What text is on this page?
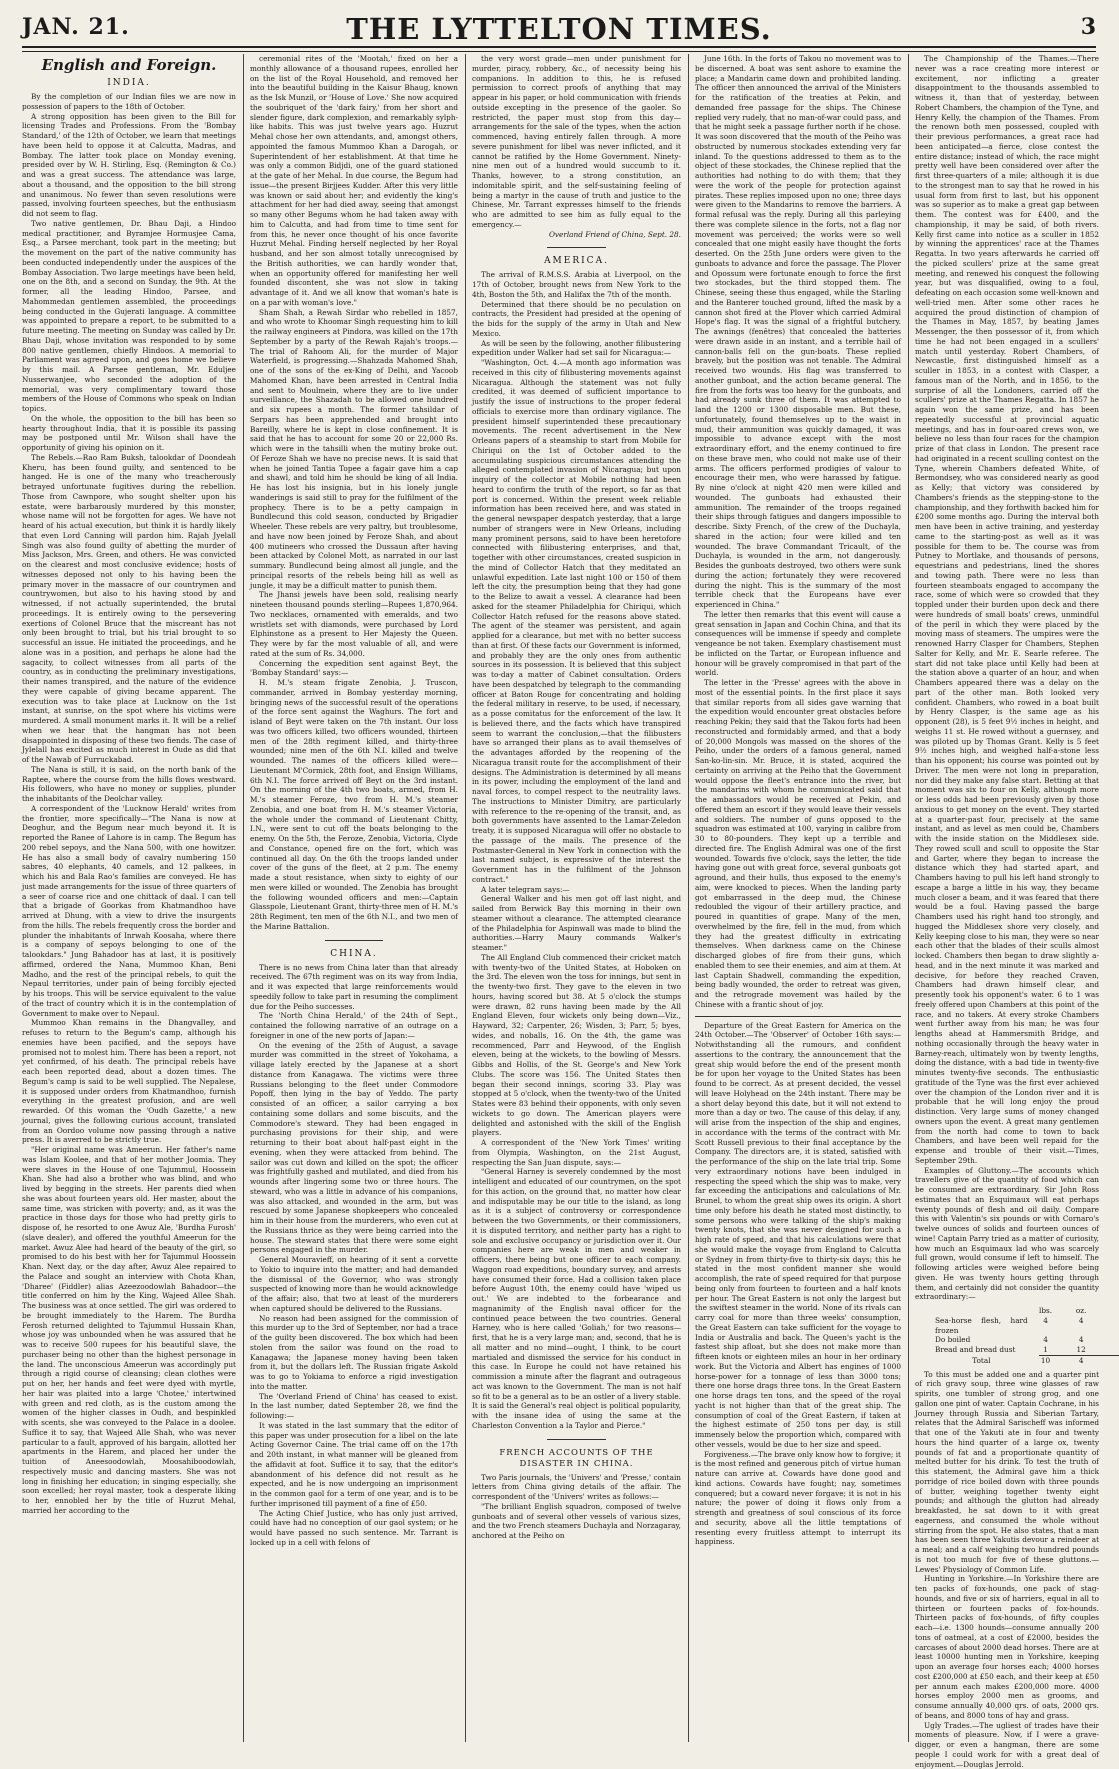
JAN. 21.	THE LYTTELTON TIMES.	3
English and Foreign.
INDIA.

By the completion of our Indian files we are now in possession of papers to the 18th of October.

A strong opposition has been given to the Bill for licensing Trades and Professions. From the 'Bombay Standard,' of the 12th of October, we learn that meetings have been held to oppose it at Calcutta, Madras, and Bombay. The latter took place on Monday evening, presided over by W. H. Stirling, Esq. (Remington & Co.) and was a great success. The attendance was large, about a thousand, and the opposition to the bill strong and unanimous. No fewer than seven resolutions were passed, involving fourteen speeches, but the enthusiasm did not seem to flag.

Two native gentlemen, Dr. Bhau Daji, a Hindoo medical practitioner, and Byramjee Hormusjee Cama, Esq., a Parsee merchant, took part in the meeting; but the movement on the part of the native community has been conducted independently under the auspices of the Bombay Association. Two large meetings have been held, one on the 8th, and a second on Sunday, the 9th. At the former, all the leading Hindoo, Parsee, and Mahommedan gentlemen assembled, the proceedings being conducted in the Gujerati language. A committee was appointed to prepare a report, to be submitted to a future meeting. The meeting on Sunday was called by Dr. Bhau Daji, whose invitation was responded to by some 800 native gentlemen, chiefly Hindoos. A memorial to Parliament was agreed upon, and goes home we believe by this mail. A Parsee gentleman, Mr. Eduljee Nusserwanjee, who seconded the adoption of the memorial, was very complimentary toward those members of the House of Commons who speak on Indian topics.

On the whole, the opposition to the bill has been so hearty throughout India, that it is possible its passing may be postponed until Mr. Wilson shall have the opportunity of giving his opinion on it.

The Rebels.—Rao Ram Buksh, talookdar of Doondeah Kheru, has been found guilty, and sentenced to be hanged. He is one of the many who treacherously betrayed unfortunate fugitives during the rebellion. Those from Cawnpore, who sought shelter upon his estate, were barbarously murdered by this monster, whose name will not be forgotten for ages. We have not heard of his actual execution, but think it is hardly likely that even Lord Canning will pardon him. Rajah Jyelall Singh was also found guilty of abetting the murder of Miss Jackson, Mrs. Green, and others. He was convicted on the clearest and most conclusive evidence; hosts of witnesses deposed not only to his having been the primary mover in the massacre of our countrymen and countrywomen, but also to his having stood by and witnessed, if not actually superintended, the brutal proceedings. It is entirely owing to the persevering exertions of Colonel Bruce that the miscreant has not only been brought to trial, but his trial brought to so successful an issue. He initiated the proceedings, and he alone was in a position, and perhaps he alone had the sagacity, to collect witnesses from all parts of the country, as in conducting the preliminary investigations, their names transpired, and the nature of the evidence they were capable of giving became apparent. The execution was to take place at Lucknow on the 1st instant, at sunrise, on the spot where his victims were murdered. A small monument marks it. It will be a relief when we hear that the hangman has not been disappointed in disposing of these two fiends. The case of Jylelall has excited as much interest in Oude as did that of the Nawab of Furruckabad.

The Nana is still, it is said, on the north bank of the Raptee, where the course from the hills flows westward. His followers, who have no money or supplies, plunder the inhabitants of the Deolchar valley.

A correspondent of the 'Lucknow Herald' writes from the frontier, more specifically—"The Nana is now at Deoghur, and the Begum near much beyond it. It is reported the Ranee of Lahore is in camp. The Begum has 200 rebel sepoys, and the Nana 500, with one howitzer. He has also a small body of cavalry numbering 150 sabres, 40 elephants, 40 camels, and 12 palkees, in which his and Bala Rao's families are conveyed. He has just made arrangements for the issue of three quarters of a seer of coarse rice and one chittack of daal. I can tell that a brigade of Goorkas from Khatmandhoo have arrived at Dhung, with a view to drive the insurgents from the hills. The rebels frequently cross the border and plunder the inhabitants of Inrwah Koosaha, where there is a company of sepoys belonging to one of the talookdars." Jung Bahadoor has at last, it is positively affirmed, ordered the Nana, Mummoo Khan, Beni Madho, and the rest of the principal rebels, to quit the Nepaul territories, under pain of being forcibly ejected by his troops. This will be service equivalent to the value of the tract of country which it is in the contemplation of Government to make over to Nepaul.

Mummoo Khan remains in the Dhangvalley, and refuses to return to the Begum's camp, although his enemies have been pacified, and the sepoys have promised not to molest him. There has been a report, not yet confirmed, of his death. The principal rebels have each been reported dead, about a dozen times. The Begum's camp is said to be well supplied. The Nepalese, it is supposed under orders from Khatmandhoo, furnish everything in the greatest profusion, and are well rewarded. Of this woman the 'Oudh Gazette,' a new journal, gives the following curious account, translated from an Oordoo volume now passing through a native press. It is averred to be strictly true.

"Her original name was Ameerun. Her father's name was Islam Koolee, and that of her mother Joomia. They were slaves in the House of one Tajummul, Hoossein Khan. She had also a brother who was blind, and who lived by begging in the streets. Her parents died when she was about fourteen years old. Her master, about the same time, was stricken with poverty; and, as it was the practice in those days for those who had pretty girls to dispose of, he resorted to one Awuz Ale, 'Burdha Furosh' (slave dealer), and offered the youthful Ameerun for the market. Awuz Alee had heard of the beauty of the girl, so promised to do his best with her for Tajummul Hoossein Khan. Next day, or the day after, Awuz Alee repaired to the Palace and sought an interview with Chota Khan, 'Dharee' (Fiddler) alias Azeezoodowlah Bahadoor—the title conferred on him by the King, Wajeed Allee Shah. The business was at once settled. The girl was ordered to be brought immediately to the Harem. The Burdha Ferosh returned delighted to Tajummul Hussain Khan, whose joy was unbounded when he was assured that he was to receive 500 rupees for his beautiful slave, the purchaser being no other than the highest personage in the land. The unconscious Ameerun was accordingly put through a rigid course of cleansing; clean clothes were put on her, her hands and feet were dyed with myrtle, her hair was plaited into a large 'Chotee,' intertwined with green and red cloth, as is the custom among the women of the higher classes in Oudh, and bespinkled with scents, she was conveyed to the Palace in a doolee. Suffice it to say, that Wajeed Alle Shah, who was never particular to a fault, approved of his bargain, allotted her apartments in the Harem, and placed her under the tuition of Aneesoodowlah, Moosahiboodowlah, respectively music and dancing masters. She was not long in finishing her education; in singing especially, she soon excelled; her royal master, took a desperate liking to her, ennobled her by the title of Huzrut Mehal, married her according to the

ceremonial rites of the 'Mootah,' fixed on her a monthly allowance of a thousand rupees, enrolled her on the list of the Royal Household, and removed her into the beautiful building in the Kaisur Bhaug, known as the Isk Munzil, or 'House of Love.' She now acquired the soubriquet of the 'dark fairy,' from her short and slender figure, dark complexion, and remarkably sylph-like habits. This was just twelve years ago. Huzrut Mehal chose her own attendants, and, amongst others, appointed the famous Mummoo Khan a Darogah, or Superintendent of her establishment. At that time he was only a common Bidjdi, one of the guard stationed at the gate of her Mehal. In due course, the Begum had issue—the present Birjjees Kudder. After this very little was known or said about her; and evidently the king's attachment for her had died away, seeing that amongst so many other Begums whom he had taken away with him to Calcutta, and had from time to time sent for from this, he never once thought of his once favorite Huzrut Mehal. Finding herself neglected by her Royal husband, and her son almost totally unrecognised by the British authorities, we can hardly wonder that, when an opportunity offered for manifesting her well founded discontent, she was not slow in taking advantage of it. And we all know that woman's hate is on a par with woman's love."

Sham Shah, a Rewah Sirdar who rebelled in 1857, and who wrote to Khoomar Singh requesting him to kill the railway engineers at Pindora, was killed on the 17th September by a party of the Rewah Rajah's troops.—The trial of Rahoom Ali, for the murder of Major Waterfield, is progressing.—Shahzada Mahomed Shah, one of the sons of the ex-King of Delhi, and Yacoob Mahomed Khan, have been arrested in Central India and sent to Moulmein, where they are to live under surveillance, the Shazadah to be allowed one hundred and six rupees a month. The former tahsildar of Serpars has been apprehended and brought into Bareilly, where he is kept in close confinement. It is said that he has to account for some 20 or 22,000 Rs. which were in the tahsilli when the mutiny broke out. Of Feroze Shah we have no precise news. It is said that when he joined Tantia Topee a fagair gave him a cap and shawl, and told him he should be king of all India. He has lost his insignia, but in his lonely jungle wanderings is said still to pray for the fulfilment of the prophecy. There is to be a petty campaign in Bundlecund this cold season, conducted by Brigadier Wheeler. These rebels are very paltry, but troublesome, and have now been joined by Feroze Shah, and about 400 mutineers who crossed the Dussaun after having been attacked by Colonel Mott, as narrated in our last summary. Bundlecund being almost all jungle, and the principal resorts of the rebels being hill as well as jungle, it may be a difficult matter to punish them.

The Jhansi jewels have been sold, realising nearly nineteen thousand pounds sterling—Rupees 1,870,964. Two necklaces, ornamented with emeralds, and two wristlets set with diamonds, were purchased by Lord Elphinstone as a present to Her Majesty the Queen. They were by far the most valuable of all, and were rated at the sum of Rs. 34,000.

Concerning the expedition sent against Beyt, the 'Bombay Standard' says:—

H. M.'s steam frigate Zenobia, J. Truscon, commander, arrived in Bombay yesterday morning, bringing news of the successful result of the operations of the force sent against the Waghurs. The fort and island of Beyt were taken on the 7th instant. Our loss was two officers killed, two officers wounded, thirteen men of the 28th regiment killed, and thirty-three wounded; nine men of the 6th N.I. killed and twelve wounded. The names of the officers killed were—Lieutenant M'Cormick, 28th foot, and Ensign Williams, 6th N.I. The force arrived off Beyt on the 3rd instant. On the morning of the 4th two boats, armed, from H. M.'s steamer Feroze, two from H. M.'s steamer Zenobia, and one boat from H. M.'s steamer Victoria, the whole under the command of Lieutenant Chitty, I.N., were sent to cut off the boats belonging to the enemy. On the 5th, the Feroze, Zenobia, Victoria, Clyde and Constance, opened fire on the fort, which was continued all day. On the 6th the troops landed under cover of the guns of the fleet, at 2 p.m. The enemy made a stout resistance, when sixty to eighty of our men were killed or wounded. The Zenobia has brought the following wounded officers and men:—Captain Glasspole, Lieutenant Grant, thirty-three men of H. M.'s 28th Regiment, ten men of the 6th N.I., and two men of the Marine Battalion.

CHINA.

There is no news from China later than that already received. The 67th regiment was on its way from India, and it was expected that large reinforcements would speedily follow to take part in resuming the compliment due for the Peiho successes.

The 'North China Herald,' of the 24th of Sept., contained the following narrative of an outrage on a foreigner in one of the new ports of Japan:—

On the evening of the 25th of August, a savage murder was committed in the street of Yokohama, a village lately erected by the Japanese at a short distance from Kanagawa. The victims were three Russians belonging to the fleet under Commodore Popoff, then lying in the bay of Yeddo. The party consisted of an officer, a sailor carrying a box containing some dollars and some biscuits, and the Commodore's steward. They had been engaged in purchasing provisions for their ship, and were returning to their boat about half-past eight in the evening, when they were attacked from behind. The sailor was cut down and killed on the spot; the officer was frightfully gashed and mutilated, and died from his wounds after lingering some two or three hours. The steward, who was a little in advance of his companions, was also attacked, and wounded in the arm, but was rescued by some Japanese shopkeepers who concealed him in their house from the murderers, who even cut at the Russians thrice as they were being carried into the house. The steward states that there were some eight persons engaged in the murder.

General Mouravieff, on hearing of it sent a corvette to Yokio to inquire into the matter; and had demanded the dismissal of the Governor, who was strongly suspected of knowing more than he would acknowledge of the affair; also, that two at least of the murderers when captured should be delivered to the Russians.

No reason had been assigned for the commission of this murder up to the 3rd of September, nor had a trace of the guilty been discovered. The box which had been stolen from the sailor was found on the road to Kanagawa; the Japanese money having been taken from it, but the dollars left. The Russian frigate Askold was to go to Yokiama to enforce a rigid investigation into the matter.

The 'Overland Friend of China' has ceased to exist. In the last number, dated September 28, we find the following:—

It was stated in the last summary that the editor of this paper was under prosecution for a libel on the late Acting Governor Caine. The trial came off on the 17th and 20th instant, in what manner will be gleaned from the affidavit at foot. Suffice it to say, that the editor's abandonment of his defence did not result as he expected, and he is now undergoing an imprisonment in the common gaol for a term of one year, and is to be further imprisoned till payment of a fine of £50.

The Acting Chief Justice, who has only just arrived, could have had no conception of our gaol system; or he would have passed no such sentence. Mr. Tarrant is locked up in a cell with felons of

the very worst grade—men under punishment for murder, piracy, robbery, &c., of necessity being his companions. In addition to this, he is refused permission to correct proofs of anything that may appear in his paper, or hold communication with friends outside excepting in the presence of the gaoler. So restricted, the paper must stop from this day—arrangements for the sale of the types, when the action commenced, having entirely fallen through. A more severe punishment for libel was never inflicted, and it cannot be ratified by the Home Government. Ninety-nine men out of a hundred would succumb to it. Thanks, however, to a strong constitution, an indomitable spirit, and the self-sustaining feeling of being a martyr in the cause of truth and justice to the Chinese, Mr. Tarrant expresses himself to the friends who are admitted to see him as fully equal to the emergency.—

Overland Friend of China, Sept. 28.

AMERICA.

The arrival of R.M.S.S. Arabia at Liverpool, on the 17th of October, brought news from New York to the 4th, Boston the 5th, and Halifax the 7th of the month.

Determined that there should be no peculation on contracts, the President had presided at the opening of the bids for the supply of the army in Utah and New Mexico.

As will be seen by the following, another filibustering expedition under Walker had set sail for Nicaragua:—

"Washington, Oct. 4.—A month ago information was received in this city of filibustering movements against Nicaragua. Although the statement was not fully credited, it was deemed of sufficient importance to justify the issue of instructions to the proper federal officials to exercise more than ordinary vigilance. The president himself superintended these precautionary movements. The recent advertisement in the New Orleans papers of a steamship to start from Mobile for Chiriqui on the 1st of October added to the accumulating suspicious circumstances attending the alleged contemplated invasion of Nicaragua; but upon inquiry of the collector at Mobile nothing had been heard to confirm the truth of the report, so far as that port is concerned. Within the present week reliable information has been received here, and was stated in the general newspaper despatch yesterday, that a large number of strangers were in New Orleans, including many prominent persons, said to have been heretofore connected with filibustering enterprises, and that, together with other circumstances, created suspicion in the mind of Collector Hatch that they meditated an unlawful expedition. Late last night 100 or 150 of them left the city, the presumption being that they had gone to the Belize to await a vessel. A clearance had been asked for the steamer Philadelphia for Chiriqui, which Collector Hatch refused for the reasons above stated. The agent of the steamer was persistent, and again applied for a clearance, but met with no better success than at first. Of these facts our Government is informed, and probably they are the only ones from authentic sources in its possession. It is believed that this subject was to-day a matter of Cabinet consultation. Orders have been despatched by telegraph to the commanding officer at Baton Rouge for concentrating and holding the federal military in reserve, to be used, if necessary, as a posse comitatus for the enforcement of the law. It is believed there, and the facts which have transpired seem to warrant the conclusion,—that the filibusters have so arranged their plans as to avail themselves of the advantages afforded by the reopening of the Nicaragua transit route for the accomplishment of their designs. The Administration is determined by all means in its power, including the employment of the land and naval forces, to compel respect to the neutrality laws. The instructions to Minister Dimitry, are particularly with reference to the re-opening of the transit, and, as both governments have assented to the Lamar-Zeledon treaty, it is supposed Nicaragua will offer no obstacle to the passage of the mails. The presence of the Postmaster-General in New York in connection with the last named subject, is expressive of the interest the Government has in the fulfilment of the Johnson contract."

A later telegram says:—

General Walker and his men got off last night, and sailed from Berwick Bay this morning in their own steamer without a clearance. The attempted clearance of the Philadelphia for Aspinwall was made to blind the authorities.—Harry Maury commands Walker's steamer."

The All England Club commenced their cricket match with twenty-two of the United States, at Hoboken on the 3rd. The eleven won the toss for innings, but sent in the twenty-two first. They gave to the eleven in two hours, having scored but 38. At 5 o'clock the stumps were drawn, 82 runs having been made by the All England Eleven, four wickets only being down—Viz., Hayward, 32; Carpenter, 26; Wisden, 3; Parr, 5; byes, wides, and noballs, 16. On the 4th, the game was recommenced, Parr and Heywood, of the English eleven, being at the wickets, to the bowling of Messrs. Gibbs and Hollis, of the St. George's and New York Clubs. The score was 156. The United States then began their second innings, scoring 33. Play was stopped at 5 o'clock, when the twenty-two of the United States were 83 behind their opponents, with only seven wickets to go down. The American players were delighted and astonished with the skill of the English players.

A correspondent of the 'New York Times' writing from Olympia, Washington, on the 21st August, respecting the San Juan dispute, says:—

"General Harney is severely condemned by the most intelligent and educated of our countrymen, on the spot for this action, on the ground that, no matter how clear and indisputable may be our title to the island, as long as it is a subject of controversy or correspondence between the two Governments, or their commissioners, it is disputed territory, and neither party has a right to sole and exclusive occupancy or jurisdiction over it. Our companies here are weak in men and weaker in officers, there being but one officer to each company. Waggon road expeditions, boundary survey, and arrests have consumed their force. Had a collision taken place before August 10th, the enemy could have 'wiped us out.' We are indebted to the forbearance and magnanimity of the English naval officer for the continued peace between the two countries. General Harney, who is here called 'Goliah,' for two reasons—first, that he is a very large man; and, second, that he is all matter and no mind—ought, I think, to be court martialed and dismissed the service for his conduct in this case. In Europe he could not have retained his commission a minute after the flagrant and outrageous act was known to the Government. The man is not half so fit to be a general as to be an ostler of a livery stable. It is said the General's real object is political popularity, with the insane idea of using the same at the Charleston Convention a la Taylor and Pierce."

FRENCH ACCOUNTS OF THE DISASTER IN CHINA.

Two Paris journals, the 'Univers' and 'Presse,' contain letters from China giving details of the affair. The correspondent of the 'Univers' writes as follows:—

"The brilliant English squadron, composed of twelve gunboats and of several other vessels of various sizes, and the two French steamers Duchayla and Norzagaray, anchored at the Peiho on

June 16th. In the forts of Takou no movement was to be discerned. A boat was sent ashore to examine the place; a Mandarin came down and prohibited landing. The officer then announced the arrival of the Ministers for the ratification of the treaties at Pekin, and demanded free passage for the ships. The Chinese replied very rudely, that no man-of-war could pass, and that he might seek a passage further north if he chose. It was soon discovered that the mouth of the Peiho was obstructed by numerous stockades extending very far inland. To the questions addressed to them as to the object of these stockades, the Chinese replied that the authorities had nothing to do with them; that they were the work of the people for protection against pirates. These replies imposed upon no one; three days were given to the Mandarins to remove the barriers. A formal refusal was the reply. During all this parleying there was complete silence in the forts, not a flag nor movement was perceived; the works were so well concealed that one might easily have thought the forts deserted. On the 25th June orders were given to the gunboats to advance and force the passage. The Plover and Opossum were fortunate enough to force the first two stockades, but the third stopped them. The Chinese, seeing these thus engaged, while the Starling and the Banterer touched ground, lifted the mask by a cannon shot fired at the Plover which carried Admiral Hope's flag. It was the signal of a frightful butchery. The awnings (fenêtres) that concealed the batteries were drawn aside in an instant, and a terrible hail of cannon-balls fell on the gun-boats. These replied bravely, but the position was not tenable. The Admiral received two wounds. His flag was transferred to another gunboat, and the action became general. The fire from the forts was too heavy for the gunboats, and had already sunk three of them. It was attempted to land the 1200 or 1300 disposable men. But these, unfortunately, found themselves up to the waist in mud, their ammunition was quickly damaged, it was impossible to advance except with the most extraordinary effort, and the enemy continued to fire on these brave men, who could not make use of their arms. The officers performed prodigies of valour to encourage their men, who were harassed by fatigue. By nine o'clock at night 420 men were killed and wounded. The gunboats had exhausted their ammunition. The remainder of the troops regained their ships through fatigues and dangers impossible to describe. Sixty French, of the crew of the Duchayla, shared in the action; four were killed and ten wounded. The brave Commandant Tricault, of the Duchayla, is wounded in the arm, not dangerously. Besides the gunboats destroyed, two others were sunk during the action; fortunately they were recovered during the night. This is the summary of the most terrible check that the Europeans have ever experienced in China."

The letter then remarks that this event will cause a great sensation in Japan and Cochin China, and that its consequences will be immense if speedy and complete vengeance be not taken. Exemplary chastisement must be inflicted on the Tartar, or European influence and honour will be gravely compromised in that part of the world.

The letter in the 'Presse' agrees with the above in most of the essential points. In the first place it says that similar reports from all sides gave warning that the expedition would encounter great obstacles before reaching Pekin; they said that the Takou forts had been reconstructed and formidably armed, and that a body of 20,000 Mongols was massed on the shores of the Peiho, under the orders of a famous general, named San-ko-lin-sin. Mr. Bruce, it is stated, acquired the certainty on arriving at the Peiho that the Government would oppose the fleet's entrance into the river, but the mandarins with whom he communicated said that the ambassadors would be received at Pekin, and offered them an escort if they would leave their vessels and soldiers. The number of guns opposed to the squadron was estimated at 100, varying in calibre from 30 to 80-pounders. They kept up a terrible and directed fire. The English Admiral was one of the first wounded. Towards five o'clock, says the letter, the tide having gone out with great force, several gunboats got aground, and their hulls, thus exposed to the enemy's aim, were knocked to pieces. When the landing party got embarrassed in the deep mud, the Chinese redoubled the vigour of their artillery practice, and poured in quantities of grape. Many of the men, overwhelmed by the fire, fell in the mud, from which they had the greatest difficulty in extricating themselves. When darkness came on the Chinese discharged globes of fire from their guns, which enabled them to see their enemies, and aim at them. At last Captain Shadwell, commanding the expedition, being badly wounded, the order to retreat was given, and the retrograde movement was hailed by the Chinese with a frantic shout of joy.

Departure of the Great Eastern for America on the 24th October.—The 'Observer' of October 16th says:—Notwithstanding all the rumours, and confident assertions to the contrary, the announcement that the great ship would before the end of the present month be for upon her voyage to the United States has been found to be correct. As at present decided, the vessel will leave Holyhead on the 24th instant. There may be a short delay beyond this date, but it will not extend to more than a day or two. The cause of this delay, if any, will arise from the inspection of the ship and engines, in accordance with the terms of the contract with Mr. Scott Russell previous to their final acceptance by the Company. The directors are, it is stated, satisfied with the performance of the ship on the late trial trip. Some very extraordinary notions have been indulged in respecting the speed which the ship was to make, very far exceeding the anticipations and calculations of Mr. Brunel, to whom the great ship owes its origin. A short time only before his death he stated most distinctly, to some persons who were talking of the ship's making twenty knots, that she was never designed for such a high rate of speed, and that his calculations were that she would make the voyage from England to Calcutta or Sydney in from thirty-five to thirty-six days; this he stated in the most confident manner she would accomplish, the rate of speed required for that purpose being only from fourteen to fourteen and a half knots per hour. The Great Eastern is not only the largest but the swiftest steamer in the world. None of its rivals can carry coal for more than three weeks' consumption, the Great Eastern can take sufficient for the voyage to India or Australia and back. The Queen's yacht is the fastest ship afloat, but she does not make more than fifteen knots or eighteen miles an hour in her ordinary work. But the Victoria and Albert has engines of 1000 horse-power for a tonnage of less than 3000 tons; there one horse drags three tons. In the Great Eastern one horse drags ten tons, and the speed of the royal yacht is not higher than that of the great ship. The consumption of coal of the Great Eastern, if taken at the highest estimate of 250 tons per day, is still immensely below the proportion which, compared with other vessels, would be due to her size and speed.

Forgiveness.—The brave only know how to forgive; it is the most refined and generous pitch of virtue human nature can arrive at. Cowards have done good and kind actions. Cowards have fought; nay, sometimes conquered; but a coward never forgave; it is not in his nature; the power of doing it flows only from a strength and greatness of soul conscious of its force and security, above all the little temptations of resenting every fruitless attempt to interrupt its happiness.

The Championship of the Thames.—There never was a race creating more interest or excitement, nor inflicting a greater disappointment to the thousands assembled to witness it, than that of yesterday, between Robert Chambers, the champion of the Tyne, and Henry Kelly, the champion of the Thames. From the renown both men possessed, coupled with their previous performances, a great race had been anticipated—a fierce, close contest the entire distance; instead of which, the race might pretty well have been considered over after the first three-quarters of a mile; although it is due to the strongest man to say that he rowed in his usual form from first to last, but his opponent was so superior as to make a great gap between them. The contest was for £400, and the championship, it may be said, of both rivers. Kelly first came into notice as a sculler in 1852 by winning the apprentices' race at the Thames Regatta. In two years afterwards he carried off the picked scullers' prize at the same great meeting, and renewed his conquest the following year, but was disqualified, owing to a foul, defeating on each occasion some well-known and well-tried men. After some other races he acquired the proud distinction of champion of the Thames in May, 1857, by beating James Messenger, the then possessor of it, from which time he had not been engaged in a scullers' match until yesterday. Robert Chambers, of Newcastle, first distinguished himself as a sculler in 1853, in a contest with Clasper, a famous man of the North, and in 1856, to the surprise of all the Londoners, carried off the scullers' prize at the Thames Regatta. In 1857 he again won the same prize, and has been repeatedly successful at provincial aquatic meetings, and has in four-oared crews won, we believe no less than four races for the champion prize of that class in London. The present race had originated in a recent sculling contest on the Tyne, wherein Chambers defeated White, of Bermondsey, who was considered nearly as good as Kelly; that victory was considered by Chambers's friends as the stepping-stone to the championship, and they forthwith backed him for £200 some months ago. During the interval both men have been in active training, and yesterday came to the starting-post as well as it was possible for them to be. The course was from Putney to Mortlake, and thousands of persons, equestrians and pedestrians, lined the shores and towing path. There were no less than fourteen steamboats engaged to accompany the race, some of which were so crowded that they toppled under their burden upon deck and there were hundreds of small boats' crews, unmindful of the peril in which they were placed by the moving mass of steamers. The umpires were the renowned Harry Clasper for Chambers, Stephen Salter for Kelly, and Mr. E. Searle referee. The start did not take place until Kelly had been at the station above a quarter of an hour, and when Chambers appeared there was a delay on the part of the other man. Both looked very confident. Chambers, who rowed in a boat built by Henry Clasper, is the same age as his opponent (28), is 5 feet 9½ inches in height, and weighs 11 st. He rowed without a guernsey, and was piloted up by Thomas Grant. Kelly is 5 feet 9½ inches high, and weighed half-a-stone less than his opponent; his course was pointed out by Driver. The men were not long in preparation, nor did they make any false start. Betting at that moment was six to four on Kelly, although more or less odds had been previously given by those anxious to get money on the event. They started at a quarter-past four, precisely at the same instant, and as level as men could be, Chambers with the inside station on the Middlesex side. They rowed scull and scull to opposite the Star and Garter, where they began to increase the distance which they had started apart, and Chambers having to pull his left hand strongly to escape a barge a little in his way, they became much closer a beam, and it was feared that there would be a foul. Having passed the barge Chambers used his right hand too strongly, and hugged the Middlesex shore very closely, and Kelly keeping close to his man, they were so near each other that the blades of their sculls almost locked. Chambers then began to draw slightly a-head, and in the next minute it was marked and decisive, for before they reached Craven, Chambers had drawn himself clear, and presently took his opponent's water. 6 to 1 was freely offered upon Chambers at this point of the race, and no takers. At every stroke Chambers went further away from his man; he was four lengths ahead at Hammersmith Bridge, and nothing occasionally through the heavy water in Barney-reach, ultimately won by twenty lengths, doing the distance, with a bad tide in twenty-five minutes twenty-five seconds. The enthusiastic gratitude of the Tyne was the first ever achieved over the champion of the London river and it is probable that he will long enjoy the proud distinction. Very large sums of money changed owners upon the event. A great many gentlemen from the north had come to town to back Chambers, and have been well repaid for the expense and trouble of their visit.—Times, September 29th.

Examples of Gluttony.—The accounts which travellers give of the quantity of food which can be consumed are extraordinary. Sir John Ross estimates that an Esquimaux will eat perhaps twenty pounds of flesh and oil daily. Compare this with Valentin's six pounds or with Cornaro's twelve ounces of solids and fourteen ounces of wine! Captain Parry tried as a matter of curiosity, how much an Esquimaux lad who was scarcely full grown, would consume if left to himself. The following articles were weighed before being given. He was twenty hours getting through them, and certainly did not consider the quantity extraordinary:—

lbs.	oz.
Sea-horse flesh, hard frozen
4	4
Do boiled	4	4
Bread and bread dust	1	12
Total	10	4

To this must be added one and a quarter pint of rich gravy soup, three wine glasses of raw spirits, one tumbler of strong grog, and one gallon one pint of water. Captain Cochrane, in his Journey through Russia and Siberian Tartary, relates that the Admiral Sarischeff was informed that one of the Yakuti ate in four and twenty hours the hind quarter of a large ox, twenty pounds of fat and a proportionate quantity of melted butter for his drink. To test the truth of this statement, the Admiral gave him a thick porridge of rice boiled down with three pounds of butter, weighing together twenty eight pounds; and although the glutton had already breakfasted, he sat down to it with great eagerness, and consumed the whole without stirring from the spot. He also states, that a man has been seen three Yakutis devour a reindeer at a meal; and a calf weighing two hundred pounds is not too much for five of these gluttons.—Lewes' Physiology of Common Life.

Hunting in Yorkshire.—In Yorkshire there are ten packs of fox-hounds, one pack of stag-hounds, and five or six of harriers, equal in all to thirteen or fourteen packs of fox-hounds. Thirteen packs of fox-hounds, of fifty couples each—i.e. 1300 hounds—consume annually 200 tons of oatmeal, at a cost of £2000, besides the carcases of about 2000 dead horses. There are at least 10000 hunting men in Yorkshire, keeping upon an average four horses each; 4000 horses cost £200,000 at £50 each, and their keep at £50 per annum each makes £200,000 more. 4000 horses employ 2000 men as grooms, and consume annually 40,000 qrs. of oats, 2000 qrs. of beans, and 8000 tons of hay and grass.

Ugly Trades.—The ugliest of trades have their moments of pleasure. Now, if I were a grave-digger, or even a hangman, there are some people I could work for with a great deal of enjoyment.—Douglas Jerrold.
